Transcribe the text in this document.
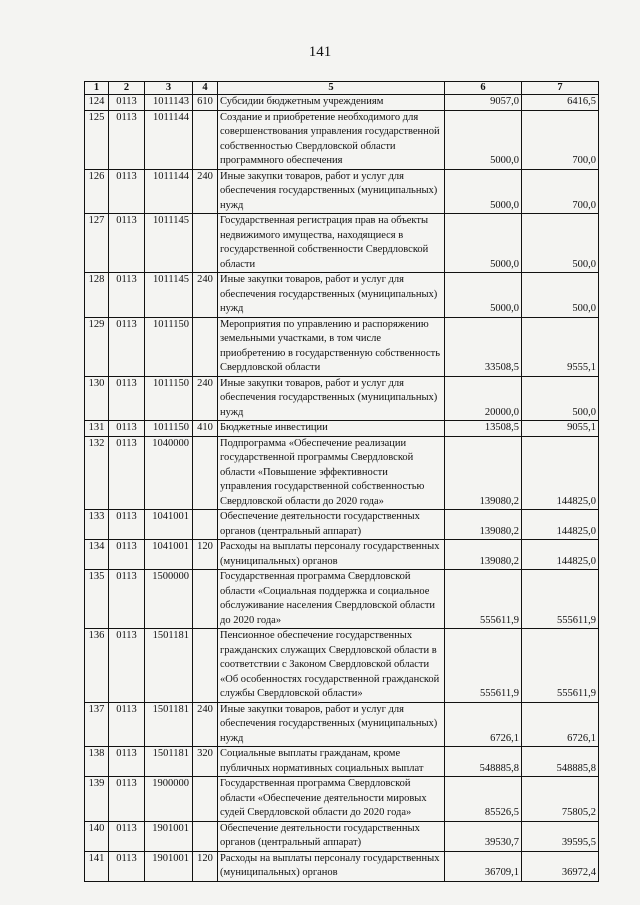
141
1	2	3	4	5	6	7
124	0113	1011143	610	Субсидии бюджетным учреждениям	9057,0	6416,5
125	0113	1011144		Создание и приобретение необходимого для совершенствования управления государственной собственностью Свердловской области программного обеспечения	5000,0	700,0
126	0113	1011144	240	Иные закупки товаров, работ и услуг для обеспечения государственных (муниципальных) нужд	5000,0	700,0
127	0113	1011145		Государственная регистрация прав на объекты недвижимого имущества, находящиеся в государственной собственности Свердловской области	5000,0	500,0
128	0113	1011145	240	Иные закупки товаров, работ и услуг для обеспечения государственных (муниципальных) нужд	5000,0	500,0
129	0113	1011150		Мероприятия по управлению и распоряжению земельными участками, в том числе приобретению в государственную собственность Свердловской области	33508,5	9555,1
130	0113	1011150	240	Иные закупки товаров, работ и услуг для обеспечения государственных (муниципальных) нужд	20000,0	500,0
131	0113	1011150	410	Бюджетные инвестиции	13508,5	9055,1
132	0113	1040000		Подпрограмма «Обеспечение реализации государственной программы Свердловской области «Повышение эффективности управления государственной собственностью Свердловской области до 2020 года»	139080,2	144825,0
133	0113	1041001		Обеспечение деятельности государственных органов (центральный аппарат)	139080,2	144825,0
134	0113	1041001	120	Расходы на выплаты персоналу государственных (муниципальных) органов	139080,2	144825,0
135	0113	1500000		Государственная программа Свердловской области «Социальная поддержка и социальное обслуживание населения Свердловской области до 2020 года»	555611,9	555611,9
136	0113	1501181		Пенсионное обеспечение государственных гражданских служащих Свердловской области в соответствии с Законом Свердловской области «Об особенностях государственной гражданской службы Свердловской области»	555611,9	555611,9
137	0113	1501181	240	Иные закупки товаров, работ и услуг для обеспечения государственных (муниципальных) нужд	6726,1	6726,1
138	0113	1501181	320	Социальные выплаты гражданам, кроме публичных нормативных социальных выплат	548885,8	548885,8
139	0113	1900000		Государственная программа Свердловской области «Обеспечение деятельности мировых судей Свердловской области до 2020 года»	85526,5	75805,2
140	0113	1901001		Обеспечение деятельности государственных органов (центральный аппарат)	39530,7	39595,5
141	0113	1901001	120	Расходы на выплаты персоналу государственных (муниципальных) органов	36709,1	36972,4
